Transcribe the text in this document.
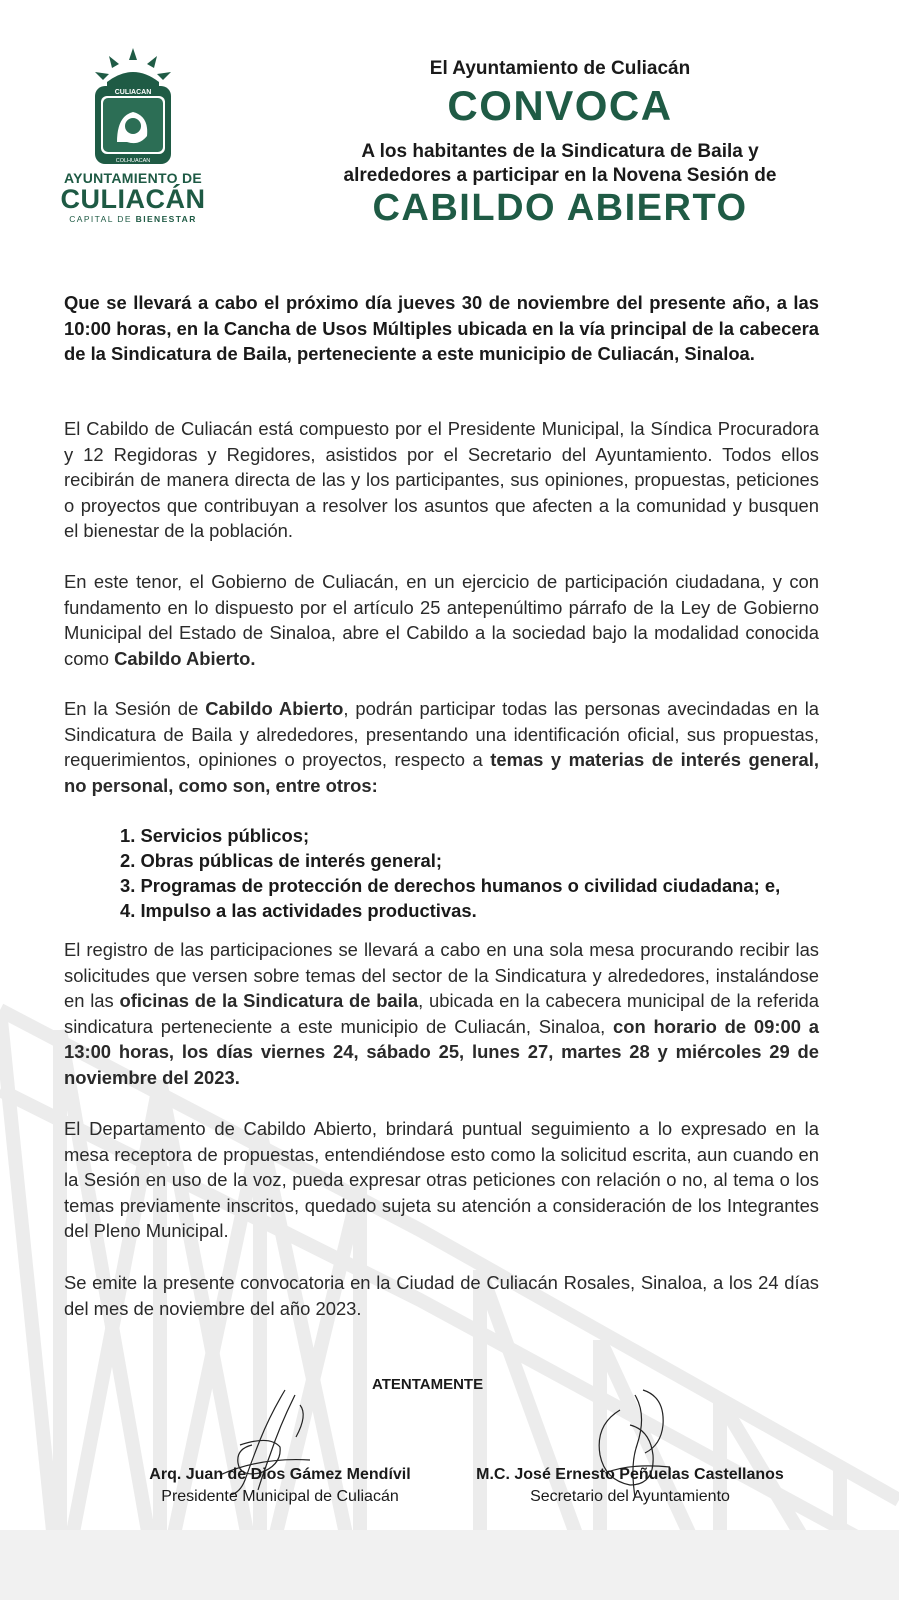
CULIACAN
COLHUACAN
AYUNTAMIENTO DE
CULIACÁN
CAPITAL DE BIENESTAR
El Ayuntamiento de Culiacán
CONVOCA
A los habitantes de la Sindicatura de Baila y
alrededores a participar en la Novena Sesión de
CABILDO ABIERTO
Que se llevará a cabo el próximo día jueves 30 de noviembre del presente año, a las 10:00 horas, en la Cancha de Usos Múltiples ubicada en la vía principal de la cabecera de la Sindicatura de Baila, perteneciente a este municipio de Culiacán, Sinaloa.
El Cabildo de Culiacán está compuesto por el Presidente Municipal, la Síndica Procuradora y 12 Regidoras y Regidores, asistidos por el Secretario del Ayuntamiento. Todos ellos recibirán de manera directa de las y los participantes, sus opiniones, propuestas, peticiones o proyectos que contribuyan a resolver los asuntos que afecten a la comunidad y busquen el bienestar de la población.
En este tenor, el Gobierno de Culiacán, en un ejercicio de participación ciudadana, y con fundamento en lo dispuesto por el artículo 25 antepenúltimo párrafo de la Ley de Gobierno Municipal del Estado de Sinaloa, abre el Cabildo a la sociedad bajo la modalidad conocida como Cabildo Abierto.
En la Sesión de Cabildo Abierto, podrán participar todas las personas avecindadas en la Sindicatura de Baila y alrededores, presentando una identificación oficial, sus propuestas, requerimientos, opiniones o proyectos, respecto a temas y materias de interés general, no personal, como son, entre otros:
1. Servicios públicos;
2. Obras públicas de interés general;
3. Programas de protección de derechos humanos o civilidad ciudadana; e,
4. Impulso a las actividades productivas.
El registro de las participaciones se llevará a cabo en una sola mesa procurando recibir las solicitudes que versen sobre temas del sector de la Sindicatura y alrededores, instalándose en las oficinas de la Sindicatura de baila, ubicada en la cabecera municipal de la referida sindicatura perteneciente a este municipio de Culiacán, Sinaloa, con horario de 09:00 a 13:00 horas, los días viernes 24, sábado 25, lunes 27, martes 28 y miércoles 29 de noviembre del 2023.
El Departamento de Cabildo Abierto, brindará puntual seguimiento a lo expresado en la mesa receptora de propuestas, entendiéndose esto como la solicitud escrita, aun cuando en la Sesión en uso de la voz, pueda expresar otras peticiones con relación o no, al tema o los temas previamente inscritos, quedado sujeta su atención a consideración de los Integrantes del Pleno Municipal.
Se emite la presente convocatoria en la Ciudad de Culiacán Rosales, Sinaloa, a los 24 días del mes de noviembre del año 2023.
ATENTAMENTE
Arq. Juan de Dios Gámez Mendívil
Presidente Municipal de Culiacán
M.C. José Ernesto Peñuelas Castellanos
Secretario del Ayuntamiento
